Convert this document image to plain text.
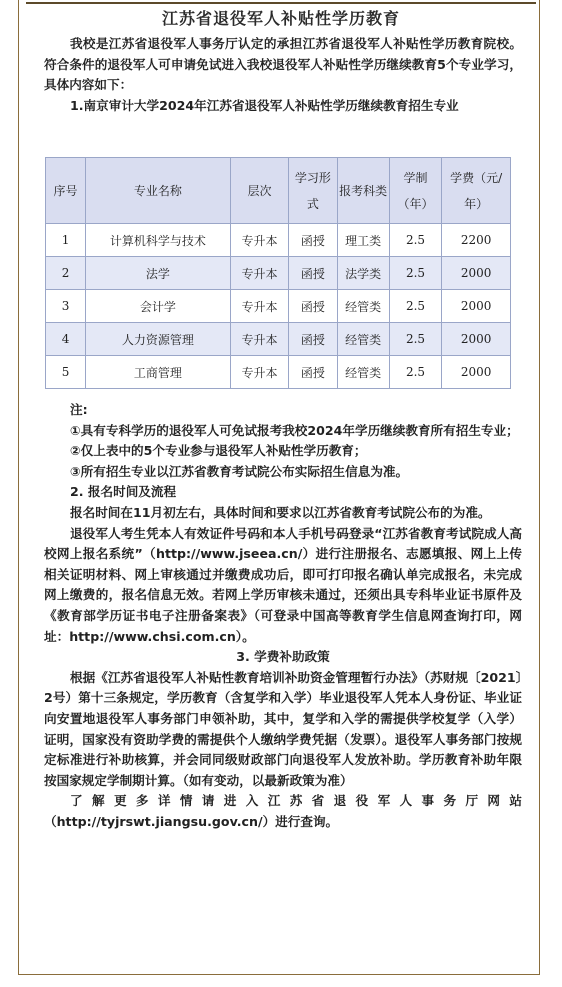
江苏省退役军人补贴性学历教育

我校是江苏省退役军人事务厅认定的承担江苏省退役军人补贴性学历教育院校。符合条件的退役军人可申请免试进入我校退役军人补贴性学历继续教育5个专业学习，具体内容如下：

1.南京审计大学2024年江苏省退役军人补贴性学历继续教育招生专业

序号	专业名称	层次	学习形式	报考科类	学制（年）	学费（元/年）
1	计算机科学与技术	专升本	函授	理工类	2.5	2200
2	法学	专升本	函授	法学类	2.5	2000
3	会计学	专升本	函授	经管类	2.5	2000
4	人力资源管理	专升本	函授	经管类	2.5	2000
5	工商管理	专升本	函授	经管类	2.5	2000

注:

①具有专科学历的退役军人可免试报考我校2024年学历继续教育所有招生专业；

②仅上表中的5个专业参与退役军人补贴性学历教育；

③所有招生专业以江苏省教育考试院公布实际招生信息为准。

2. 报名时间及流程

报名时间在11月初左右，具体时间和要求以江苏省教育考试院公布的为准。

退役军人考生凭本人有效证件号码和本人手机号码登录“江苏省教育考试院成人高校网上报名系统”（http://www.jseea.cn/）进行注册报名、志愿填报、网上上传相关证明材料、网上审核通过并缴费成功后，即可打印报名确认单完成报名，未完成网上缴费的，报名信息无效。若网上学历审核未通过，还须出具专科毕业证书原件及《教育部学历证书电子注册备案表》（可登录中国高等教育学生信息网查询打印，网址：http://www.chsi.com.cn）。

3. 学费补助政策

根据《江苏省退役军人补贴性教育培训补助资金管理暂行办法》（苏财规〔2021〕2号）第十三条规定，学历教育（含复学和入学）毕业退役军人凭本人身份证、毕业证向安置地退役军人事务部门申领补助，其中，复学和入学的需提供学校复学（入学）证明，国家没有资助学费的需提供个人缴纳学费凭据（发票）。退役军人事务部门按规定标准进行补助核算，并会同同级财政部门向退役军人发放补助。学历教育补助年限按国家规定学制期计算。（如有变动，以最新政策为准）

了解更多详情请进入江苏省退役军人事务厅网站（http://tyjrswt.jiangsu.gov.cn/）进行查询。
